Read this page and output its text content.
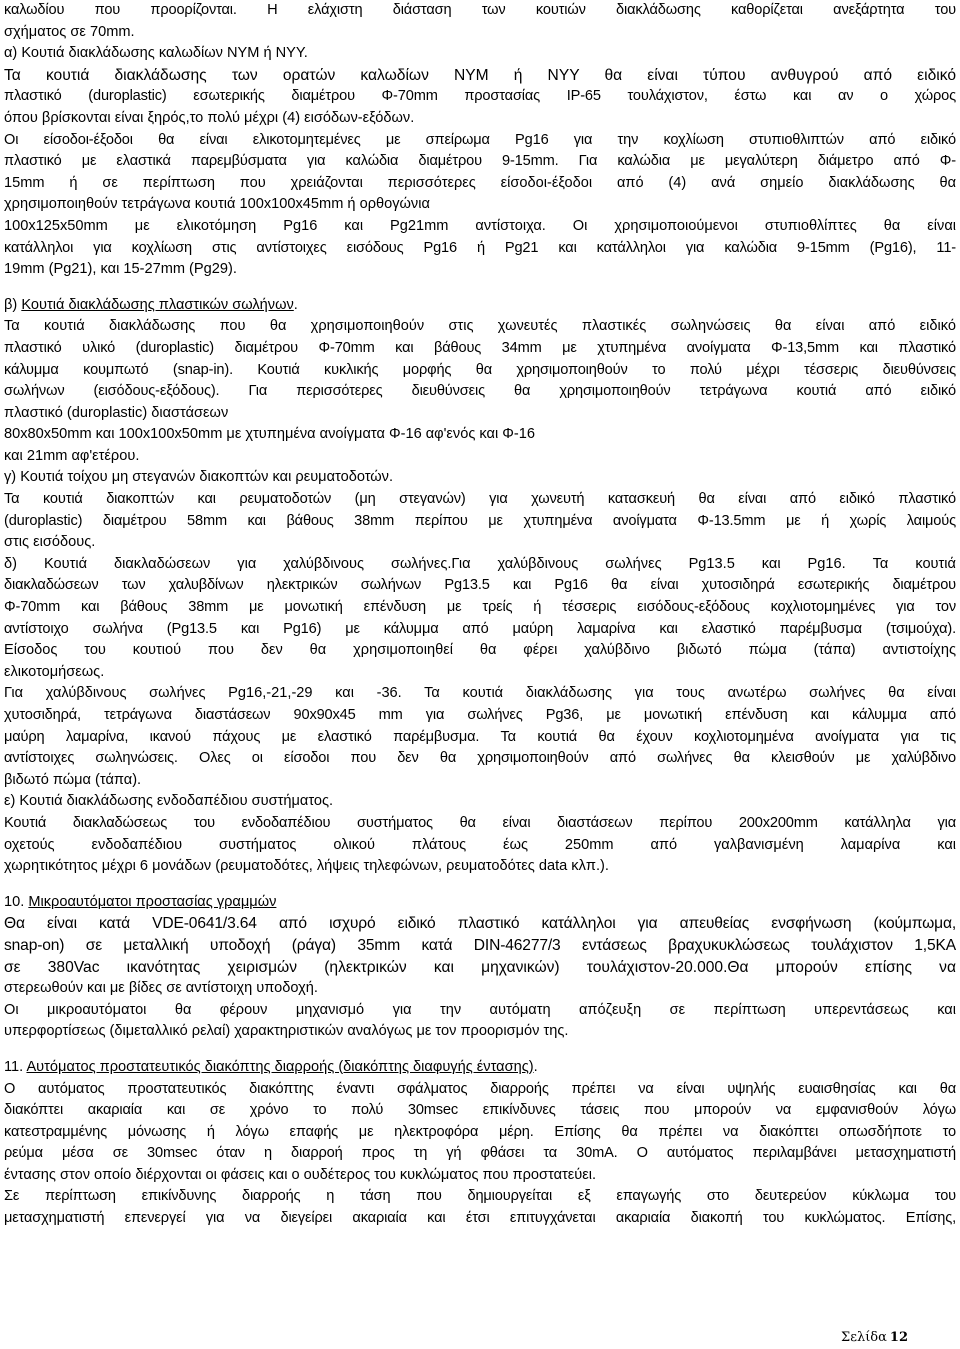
καλωδίου που προορίζονται. Η ελάχιστη διάσταση των κουτιών διακλάδωσης καθορίζεται ανεξάρτητα του

σχήματος σε 70mm.

α) Κουτιά διακλάδωσης καλωδίων ΝΥΜ ή ΝΥΥ.

Τα κουτιά διακλάδωσης των ορατών καλωδίων ΝΥΜ ή ΝΥΥ θα είναι τύπου ανθυγρού από ειδικό

πλαστικό (duroplastic) εσωτερικής διαμέτρου Φ-70mm προστασίας IP-65 τουλάχιστον, έστω και αν ο χώρος

όπου βρίσκονται είναι ξηρός,το πολύ μέχρι (4) εισόδων-εξόδων.

Οι είσοδοι-έξοδοι θα είναι ελικοτομητεμένες με σπείρωμα Pg16 για την κοχλίωση στυπιοθλιπτών από ειδικό

πλαστικό με ελαστικά παρεμβύσματα για καλώδια διαμέτρου 9-15mm. Για καλώδια με μεγαλύτερη διάμετρο από Φ-

15mm ή σε περίπτωση που χρειάζονται περισσότερες είσοδοι-έξοδοι από (4) ανά σημείο διακλάδωσης θα

χρησιμοποιηθούν τετράγωνα κουτιά 100x100x45mm ή ορθογώνια

100x125x50mm με ελικοτόμηση Pg16 και Pg21mm αντίστοιχα. Οι χρησιμοποιούμενοι στυπιοθλίπτες θα είναι

κατάλληλοι για κοχλίωση στις αντίστοιχες εισόδους Pg16 ή Pg21 και κατάλληλοι για καλώδια 9-15mm (Pg16), 11-

19mm (Pg21), και 15-27mm (Pg29).

β) Κουτιά διακλάδωσης πλαστικών σωλήνων.

Τα κουτιά διακλάδωσης που θα χρησιμοποιηθούν στις χωνευτές πλαστικές σωληνώσεις θα είναι από ειδικό

πλαστικό υλικό (duroplastic) διαμέτρου Φ-70mm και βάθους 34mm με χτυπημένα ανοίγματα Φ-13,5mm και πλαστικό

κάλυμμα κουμπωτό (snap-in). Κουτιά κυκλικής μορφής θα χρησιμοποιηθούν το πολύ μέχρι τέσσερις διευθύνσεις

σωλήνων (εισόδους-εξόδους). Για περισσότερες διευθύνσεις θα χρησιμοποιηθούν τετράγωνα κουτιά από ειδικό

πλαστικό (duroplastic) διαστάσεων

80x80x50mm και 100x100x50mm με χτυπημένα ανοίγματα Φ-16 αφ'ενός και Φ-16

και 21mm αφ'ετέρου.

γ) Κουτιά τοίχου μη στεγανών διακοπτών και ρευματοδοτών.

Τα κουτιά διακοπτών και ρευματοδοτών (μη στεγανών) για χωνευτή κατασκευή θα είναι από ειδικό πλαστικό

(duroplastic) διαμέτρου 58mm και βάθους 38mm περίπου με χτυπημένα ανοίγματα Φ-13.5mm με ή χωρίς λαιμούς

στις εισόδους.

δ) Κουτιά διακλαδώσεων για χαλύβδινους σωλήνες.Για χαλύβδινους σωλήνες Pg13.5 και Pg16. Τα κουτιά

διακλαδώσεων των χαλυβδίνων ηλεκτρικών σωλήνων Pg13.5 και Pg16 θα είναι χυτοσιδηρά εσωτερικής διαμέτρου

Φ-70mm και βάθους 38mm με μονωτική επένδυση με τρείς ή τέσσερις εισόδους-εξόδους κοχλιοτομημένες για τον

αντίστοιχο σωλήνα (Pg13.5 και Pg16) με κάλυμμα από μαύρη λαμαρίνα και ελαστικό παρέμβυσμα (τσιμούχα).

Είσοδος του κουτιού που δεν θα χρησιμοποιηθεί θα φέρει χαλύβδινο βιδωτό πώμα (τάπα) αντιστοίχης

ελικοτομήσεως.

Για χαλύβδινους σωλήνες Pg16,-21,-29 και -36. Τα κουτιά διακλάδωσης για τους ανωτέρω σωλήνες θα είναι

χυτοσιδηρά, τετράγωνα διαστάσεων 90x90x45 mm για σωλήνες Pg36, με μονωτική επένδυση και κάλυμμα από

μαύρη λαμαρίνα, ικανού πάχους με ελαστικό παρέμβυσμα. Τα κουτιά θα έχουν κοχλιοτομημένα ανοίγματα για τις

αντίστοιχες σωληνώσεις. Ολες οι είσοδοι που δεν θα χρησιμοποιηθούν από σωλήνες θα κλεισθούν με χαλύβδινο

βιδωτό πώμα (τάπα).

ε) Κουτιά διακλάδωσης ενδοδαπέδιου συστήματος.

Κουτιά διακλαδώσεως του ενδοδαπέδιου συστήματος θα είναι διαστάσεων περίπου 200x200mm κατάλληλα για

οχετούς ενδοδαπέδιου συστήματος ολικού πλάτους έως 250mm από γαλβανισμένη λαμαρίνα και

χωρητικότητος μέχρι 6 μονάδων (ρευματοδότες, λήψεις τηλεφώνων, ρευματοδότες data κλπ.).

10. Μικροαυτόματοι προστασίας γραμμών

Θα είναι κατά VDE-0641/3.64 από ισχυρό ειδικό πλαστικό κατάλληλοι για απευθείας ενσφήνωση (κούμπωμα,

snap-on) σε μεταλλική υποδοχή (ράγα) 35mm κατά DIN-46277/3 εντάσεως βραχυκυκλώσεως τουλάχιστον 1,5KA

σε 380Vac ικανότητας χειρισμών (ηλεκτρικών και μηχανικών) τουλάχιστον-20.000.Θα μπορούν επίσης να

στερεωθούν και με βίδες σε αντίστοιχη υποδοχή.

Οι μικροαυτόματοι θα φέρουν μηχανισμό για την αυτόματη απόζευξη σε περίπτωση υπερεντάσεως και

υπερφορτίσεως (διμεταλλικό ρελαί) χαρακτηριστικών αναλόγως με τον προορισμόν της.

11. Αυτόματος προστατευτικός διακόπτης διαρροής (διακόπτης διαφυγής έντασης).

Ο αυτόματος προστατευτικός διακόπτης έναντι σφάλματος διαρροής πρέπει να είναι υψηλής ευαισθησίας και θα

διακόπτει ακαριαία και σε χρόνο το πολύ 30msec επικίνδυνες τάσεις που μπορούν να εμφανισθούν λόγω

κατεστραμμένης μόνωσης ή λόγω επαφής με ηλεκτροφόρα μέρη. Επίσης θα πρέπει να διακόπτει οπωσδήποτε το

ρεύμα μέσα σε 30msec όταν η διαρροή προς τη γή φθάσει τα 30mA. Ο αυτόματος περιλαμβάνει μετασχηματιστή

έντασης στον οποίο διέρχονται οι φάσεις και ο ουδέτερος του κυκλώματος που προστατεύει.

Σε περίπτωση επικίνδυνης διαρροής η τάση που δημιουργείται εξ επαγωγής στο δευτερεύον κύκλωμα του

μετασχηματιστή επενεργεί για να διεγείρει ακαριαία και έτσι επιτυγχάνεται ακαριαία διακοπή του κυκλώματος. Επίσης,

Σελίδα 12
